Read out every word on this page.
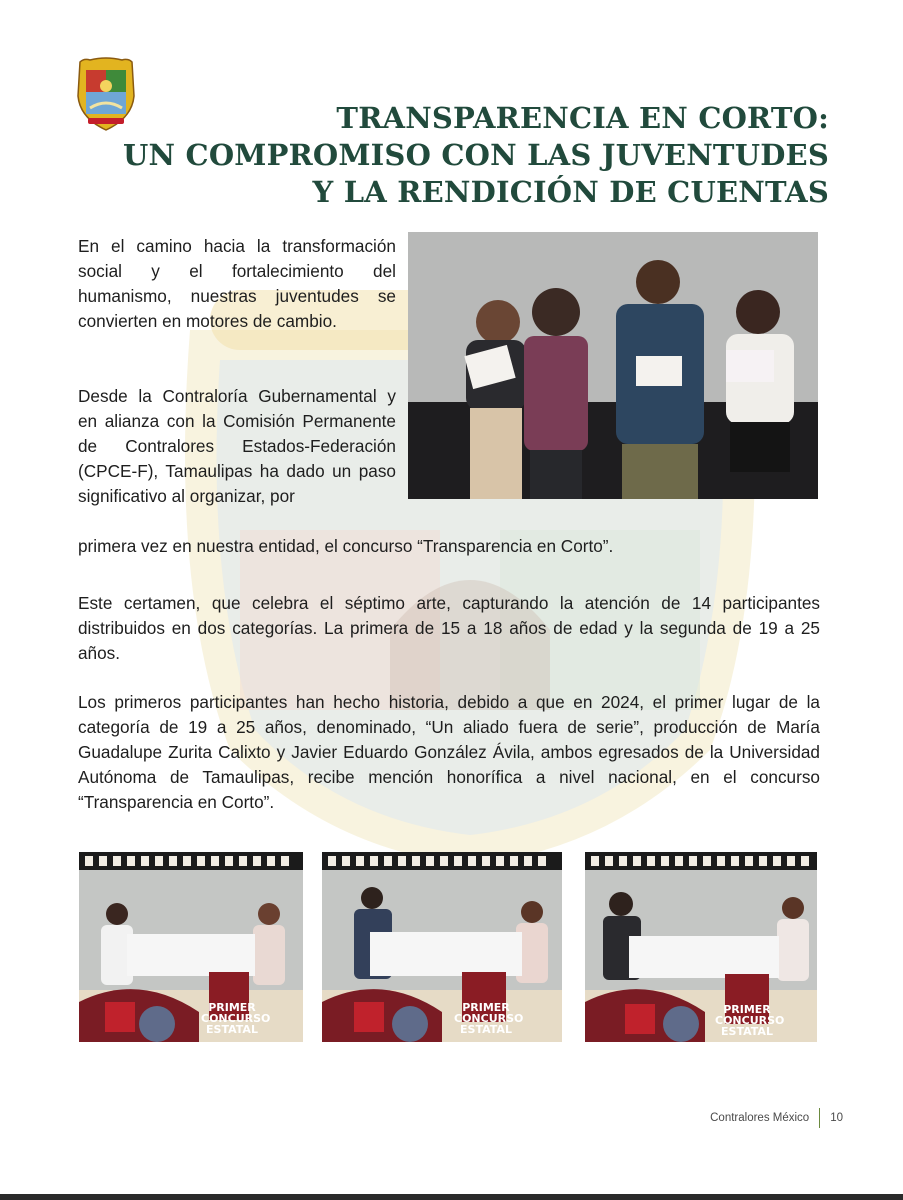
TRANSPARENCIA EN CORTO:
UN COMPROMISO CON LAS JUVENTUDES
Y LA RENDICIÓN DE CUENTAS
En el camino hacia la transformación social y el fortalecimiento del humanismo, nuestras juventudes se convierten en motores de cambio.
Desde la Contraloría Gubernamental y en alianza con la Comisión Permanente de Contralores Estados-Federación (CPCE-F), Tamaulipas ha dado un paso significativo al organizar, por
primera vez en nuestra entidad, el concurso “Transparencia en Corto”.
Este certamen, que celebra el séptimo arte, capturando la atención de 14 participantes distribuidos en dos categorías. La primera de 15 a 18 años de edad y la segunda de 19 a 25 años.
Los primeros participantes han hecho historia, debido a que en 2024, el primer lugar de la categoría de 19 a 25 años, denominado, “Un aliado fuera de serie”, producción de María Guadalupe Zurita Calixto y Javier Eduardo González Ávila, ambos egresados de la Universidad Autónoma de Tamaulipas, recibe mención honorífica a nivel nacional, en el concurso “Transparencia en Corto”.
PRIMER
CONCURSO
ESTATAL
PRIMER
CONCURSO
ESTATAL
PRIMER
CONCURSO
ESTATAL
Contralores México 10
